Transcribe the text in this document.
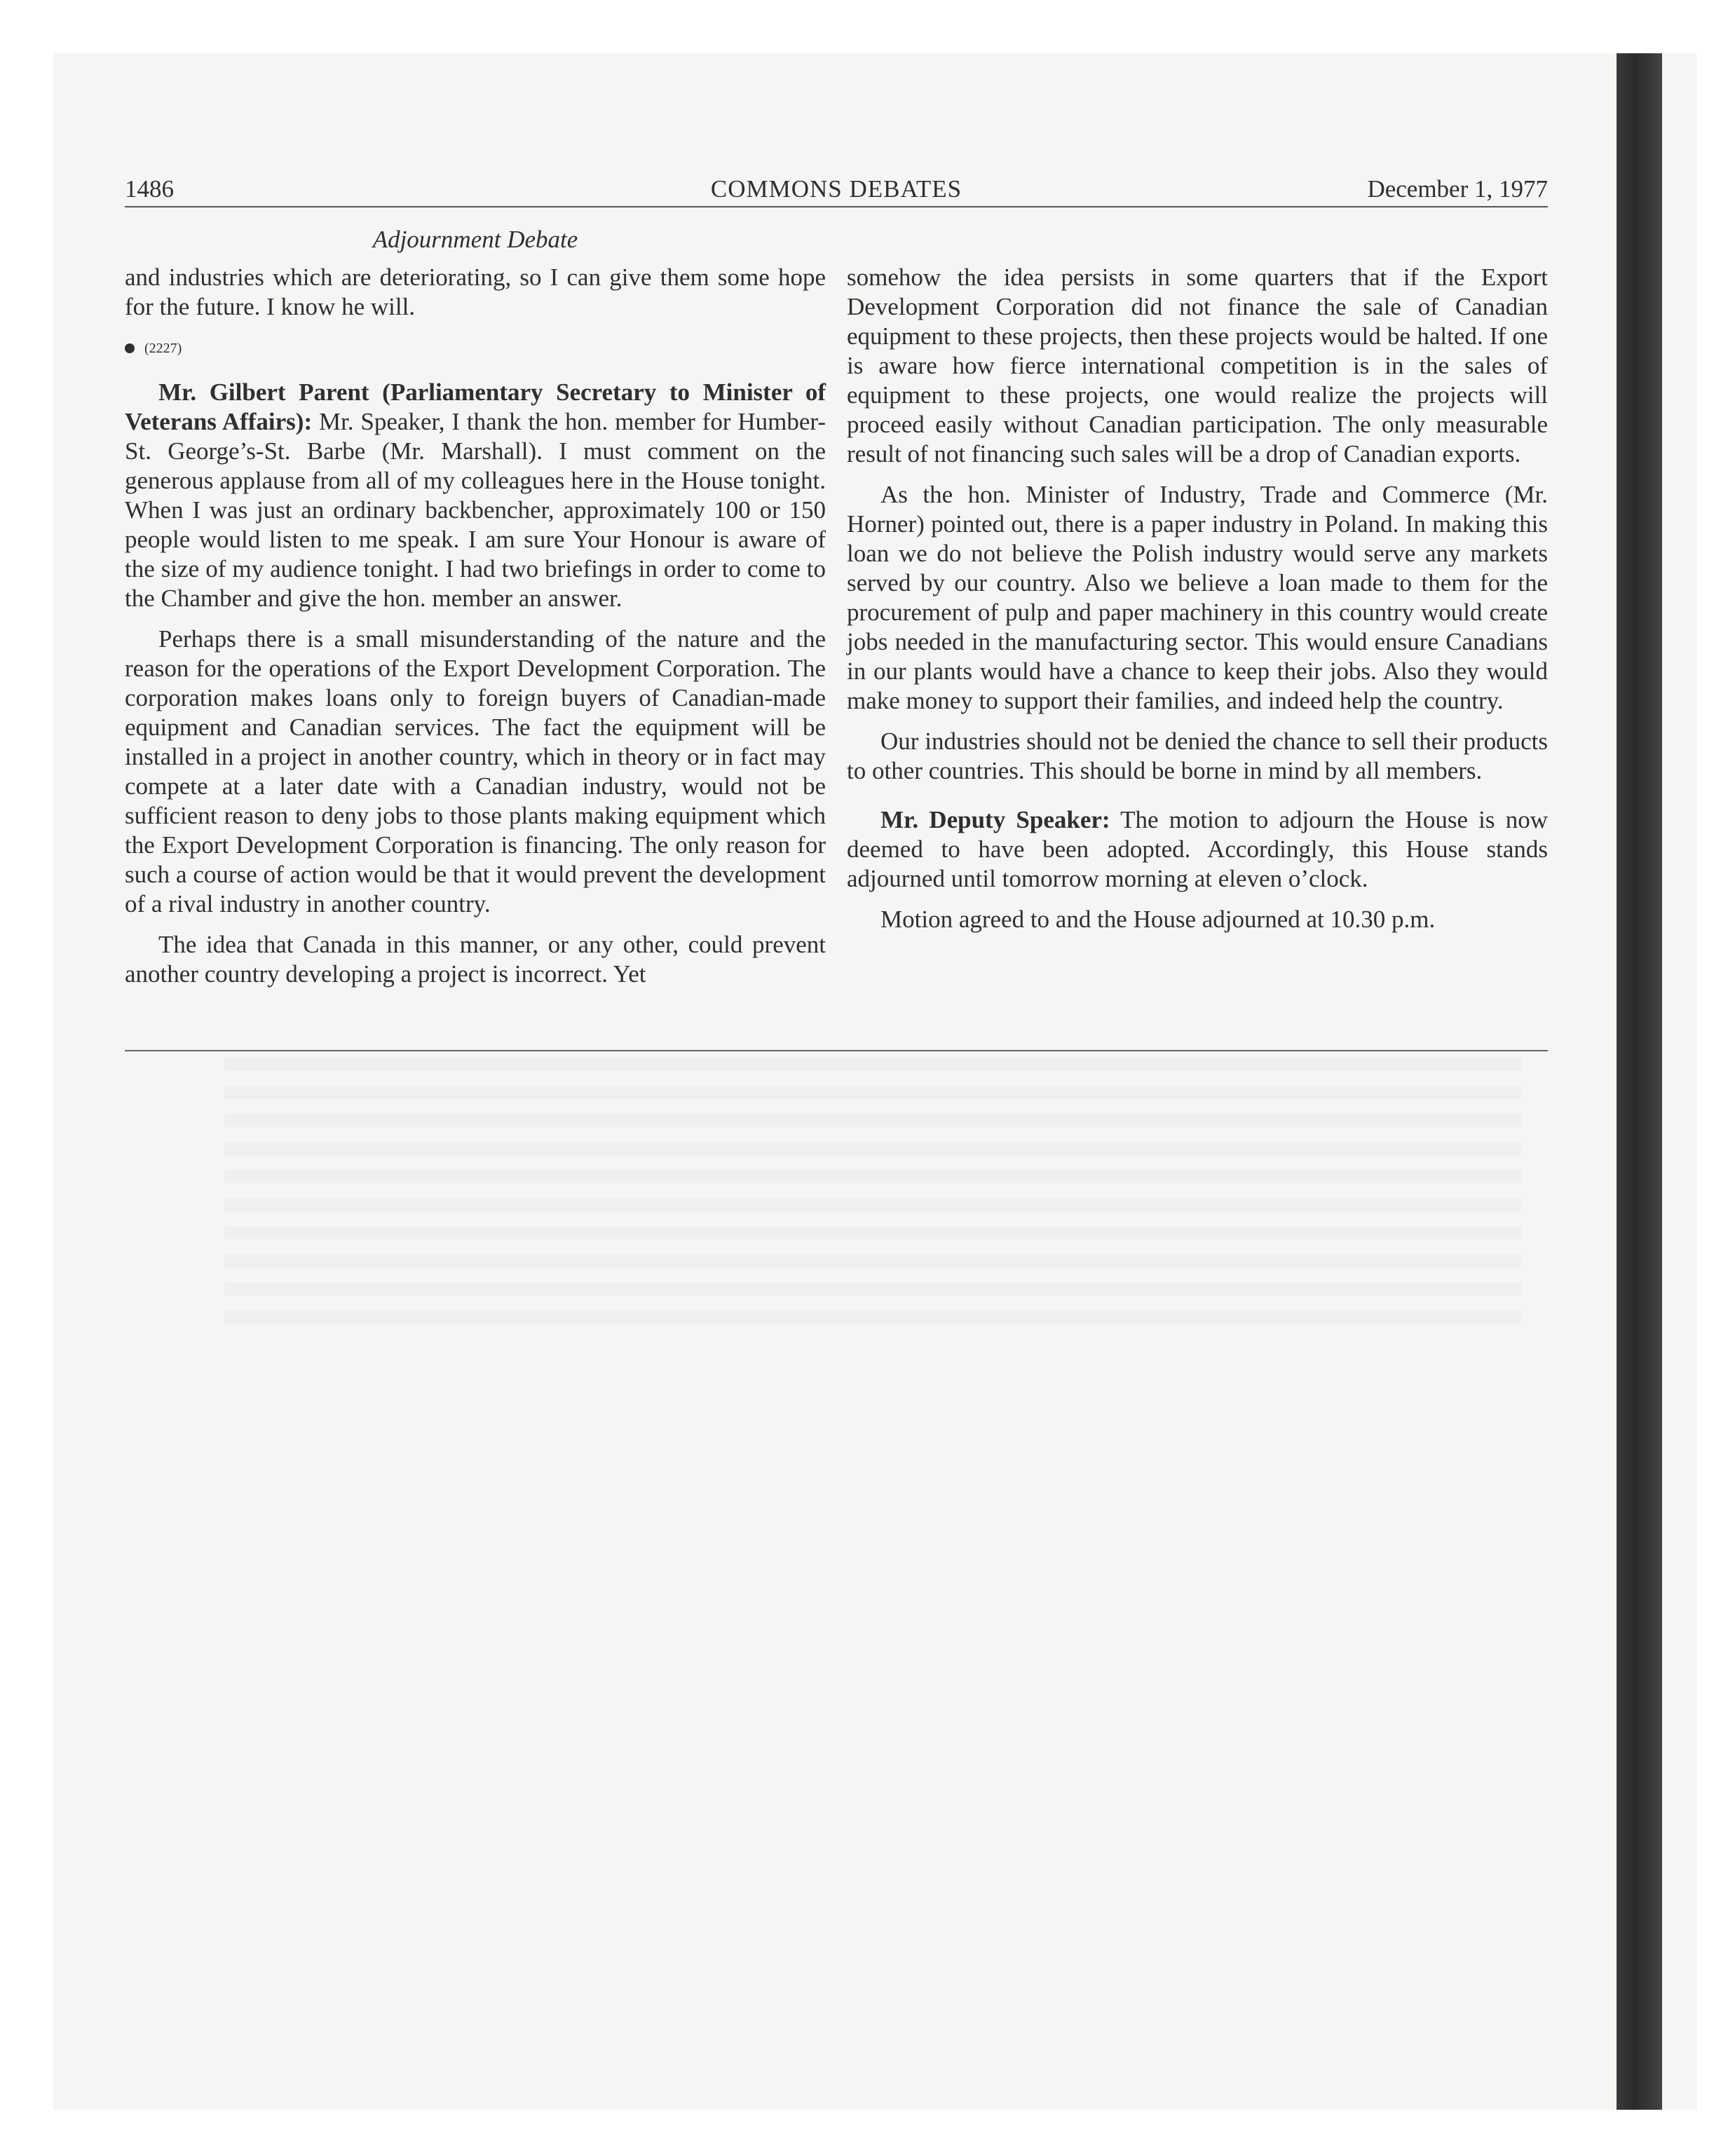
1486	COMMONS DEBATES	December 1, 1977
Adjournment Debate

and industries which are deteriorating, so I can give them some hope for the future. I know he will.

(2227)

Mr. Gilbert Parent (Parliamentary Secretary to Minister of Veterans Affairs): Mr. Speaker, I thank the hon. member for Humber-St. George’s-St. Barbe (Mr. Marshall). I must comment on the generous applause from all of my colleagues here in the House tonight. When I was just an ordinary backbencher, approximately 100 or 150 people would listen to me speak. I am sure Your Honour is aware of the size of my audience tonight. I had two briefings in order to come to the Chamber and give the hon. member an answer.

Perhaps there is a small misunderstanding of the nature and the reason for the operations of the Export Development Corporation. The corporation makes loans only to foreign buyers of Canadian-made equipment and Canadian services. The fact the equipment will be installed in a project in another country, which in theory or in fact may compete at a later date with a Canadian industry, would not be sufficient reason to deny jobs to those plants making equipment which the Export Development Corporation is financing. The only reason for such a course of action would be that it would prevent the development of a rival industry in another country.

The idea that Canada in this manner, or any other, could prevent another country developing a project is incorrect. Yet

somehow the idea persists in some quarters that if the Export Development Corporation did not finance the sale of Canadian equipment to these projects, then these projects would be halted. If one is aware how fierce international competition is in the sales of equipment to these projects, one would realize the projects will proceed easily without Canadian participation. The only measurable result of not financing such sales will be a drop of Canadian exports.

As the hon. Minister of Industry, Trade and Commerce (Mr. Horner) pointed out, there is a paper industry in Poland. In making this loan we do not believe the Polish industry would serve any markets served by our country. Also we believe a loan made to them for the procurement of pulp and paper machinery in this country would create jobs needed in the manufacturing sector. This would ensure Canadians in our plants would have a chance to keep their jobs. Also they would make money to support their families, and indeed help the country.

Our industries should not be denied the chance to sell their products to other countries. This should be borne in mind by all members.

Mr. Deputy Speaker: The motion to adjourn the House is now deemed to have been adopted. Accordingly, this House stands adjourned until tomorrow morning at eleven o’clock.

Motion agreed to and the House adjourned at 10.30 p.m.
